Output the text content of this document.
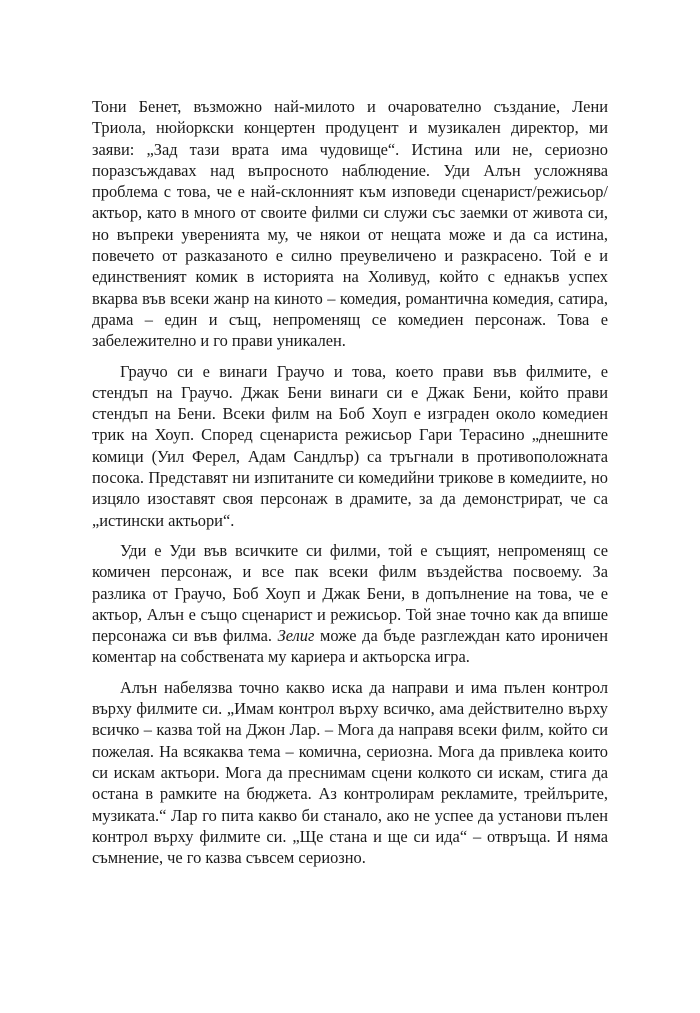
Тони Бенет, възможно най-милото и очарователно създание, Лени Триола, нюйоркски концертен продуцент и музикален директор, ми заяви: „Зад тази врата има чудовище“. Истина или не, сериозно поразсъждавах над въпросното наблюдение. Уди Алън усложнява проблема с това, че е най-склонният към изповеди сценарист/режисьор/актьор, като в много от своите филми си служи със заемки от живота си, но въпреки уверенията му, че някои от нещата може и да са истина, повечето от разказаното е силно преувеличено и разкрасено. Той е и единственият комик в историята на Холивуд, който с еднакъв успех вкарва във всеки жанр на киното – комедия, романтична комедия, сатира, драма – един и същ, непроменящ се комедиен персонаж. Това е забележително и го прави уникален.

Граучо си е винаги Граучо и това, което прави във филмите, е стендъп на Граучо. Джак Бени винаги си е Джак Бени, който прави стендъп на Бени. Всеки филм на Боб Хоуп е изграден около комедиен трик на Хоуп. Според сценариста режисьор Гари Терасино „днешните комици (Уил Ферел, Адам Сандлър) са тръгнали в противоположната посока. Представят ни изпитаните си комедийни трикове в комедиите, но изцяло изоставят своя персонаж в драмите, за да демонстрират, че са „истински актьори“.

Уди е Уди във всичките си филми, той е същият, непроменящ се комичен персонаж, и все пак всеки филм въздейства посвоему. За разлика от Граучо, Боб Хоуп и Джак Бени, в допълнение на това, че е актьор, Алън е също сценарист и режисьор. Той знае точно как да впише персонажа си във филма. Зелиг може да бъде разглеждан като ироничен коментар на собствената му кариера и актьорска игра.

Алън набелязва точно какво иска да направи и има пълен контрол върху филмите си. „Имам контрол върху всичко, ама действително върху всичко – казва той на Джон Лар. – Мога да направя всеки филм, който си пожелая. На всякаква тема – комична, сериозна. Мога да привлека които си искам актьори. Мога да преснимам сцени колкото си искам, стига да остана в рамките на бюджета. Аз контролирам рекламите, трейлърите, музиката.“ Лар го пита какво би станало, ако не успее да установи пълен контрол върху филмите си. „Ще стана и ще си ида“ – отвръща. И няма съмнение, че го казва съвсем сериозно.
